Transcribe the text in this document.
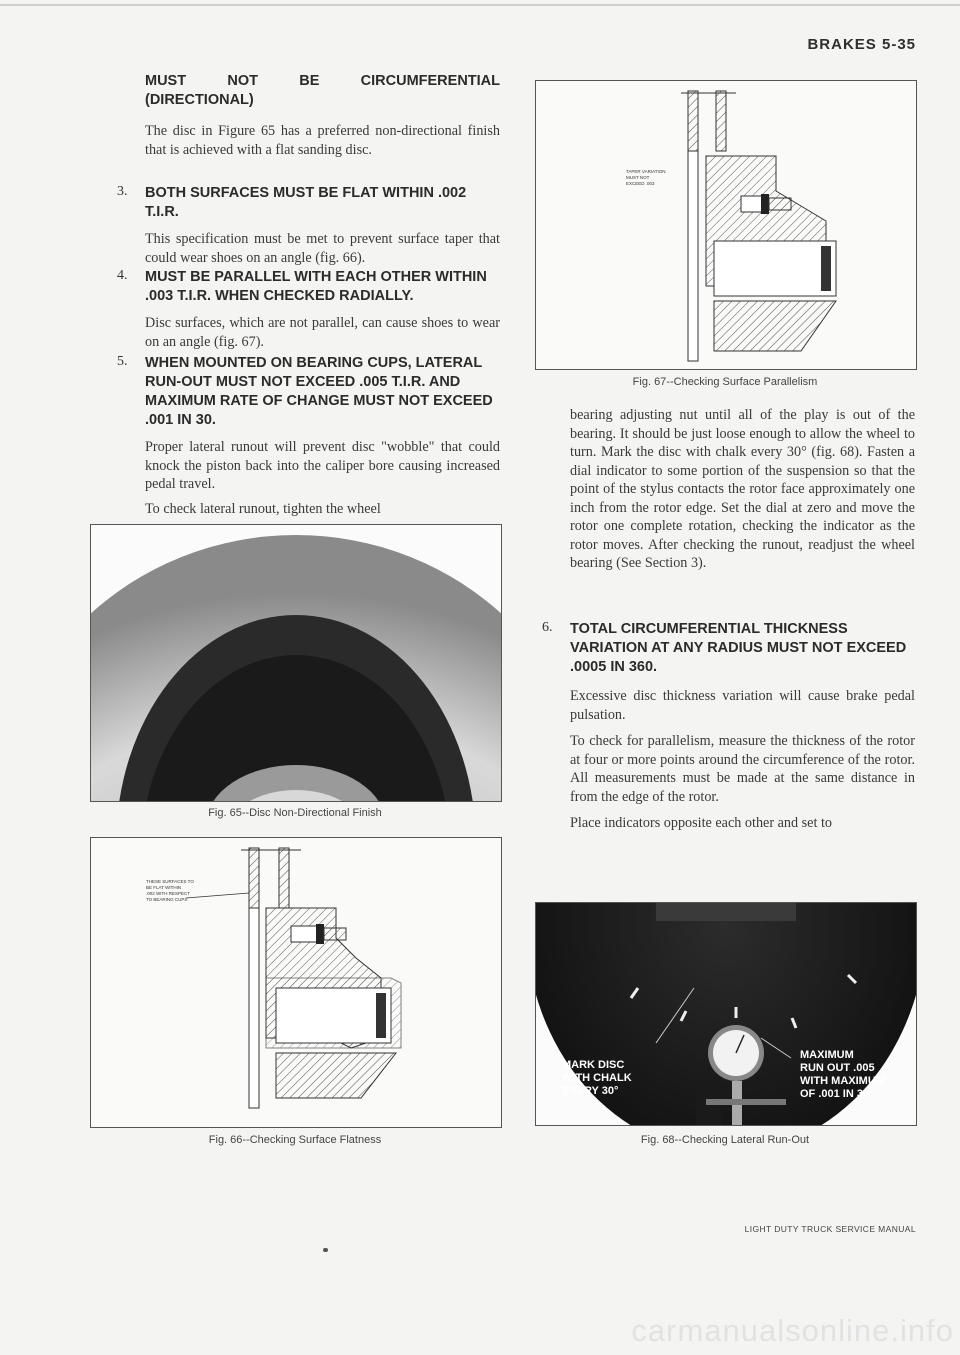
BRAKES 5-35

MUST NOT BE CIRCUMFERENTIAL (DIRECTIONAL)

The disc in Figure 65 has a preferred non-directional finish that is achieved with a flat sanding disc.

3. BOTH SURFACES MUST BE FLAT WITHIN .002 T.I.R.

This specification must be met to prevent surface taper that could wear shoes on an angle (fig. 66).

4. MUST BE PARALLEL WITH EACH OTHER WITHIN .003 T.I.R. WHEN CHECKED RADIALLY.

Disc surfaces, which are not parallel, can cause shoes to wear on an angle (fig. 67).

5. WHEN MOUNTED ON BEARING CUPS, LATERAL RUN-OUT MUST NOT EXCEED .005 T.I.R. AND MAXIMUM RATE OF CHANGE MUST NOT EXCEED .001 IN 30.

Proper lateral runout will prevent disc "wobble" that could knock the piston back into the caliper bore causing increased pedal travel.

To check lateral runout, tighten the wheel

Fig. 65--Disc Non-Directional Finish
THESE SURFACES TO
BE FLAT WITHIN
.002 WITH RESPECT
TO BEARING CUPS
Fig. 66--Checking Surface Flatness
TAPER VARIATION
MUST NOT
EXCEED .003
Fig. 67--Checking Surface Parallelism

bearing adjusting nut until all of the play is out of the bearing. It should be just loose enough to allow the wheel to turn. Mark the disc with chalk every 30° (fig. 68). Fasten a dial indicator to some portion of the suspension so that the point of the stylus contacts the rotor face approximately one inch from the rotor edge. Set the dial at zero and move the rotor one complete rotation, checking the indicator as the rotor moves. After checking the runout, readjust the wheel bearing (See Section 3).

6. TOTAL CIRCUMFERENTIAL THICKNESS VARIATION AT ANY RADIUS MUST NOT EXCEED .0005 IN 360.

Excessive disc thickness variation will cause brake pedal pulsation.

To check for parallelism, measure the thickness of the rotor at four or more points around the circumference of the rotor. All measurements must be made at the same distance in from the edge of the rotor.

Place indicators opposite each other and set to

MARK DISC
WITH CHALK
EVERY 30°
MAXIMUM
RUN OUT .005
WITH MAXIMUM
OF .001 IN 30°
Fig. 68--Checking Lateral Run-Out
LIGHT DUTY TRUCK SERVICE MANUAL
carmanualsonline.info
